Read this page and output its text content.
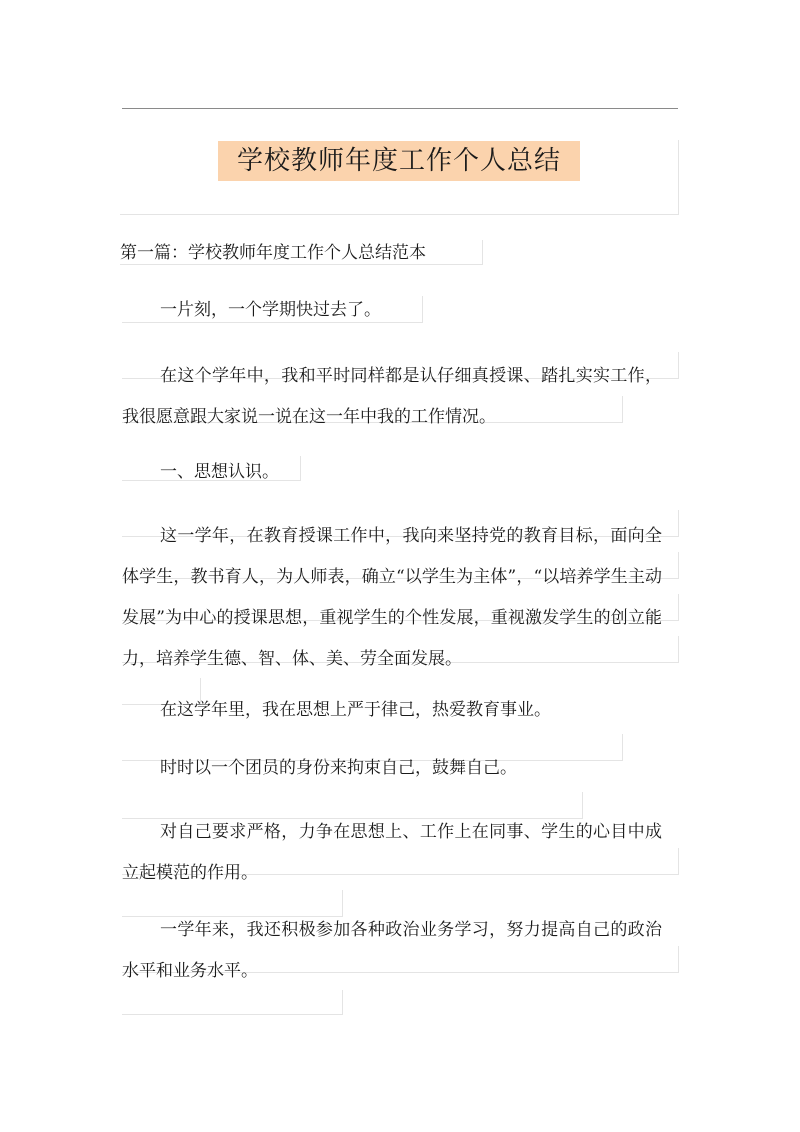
学校教师年度工作个人总结
第一篇：学校教师年度工作个人总结范本

一片刻，一个学期快过去了。

在这个学年中，我和平时同样都是认仔细真授课、踏扎实实工作，我很愿意跟大家说一说在这一年中我的工作情况。

一、思想认识。

这一学年，在教育授课工作中，我向来坚持党的教育目标，面向全体学生，教书育人，为人师表，确立“以学生为主体”，“以培养学生主动发展”为中心的授课思想，重视学生的个性发展，重视激发学生的创立能力，培养学生德、智、体、美、劳全面发展。

在这学年里，我在思想上严于律己，热爱教育事业。

时时以一个团员的身份来拘束自己，鼓舞自己。

对自己要求严格，力争在思想上、工作上在同事、学生的心目中成立起模范的作用。

一学年来，我还积极参加各种政治业务学习，努力提高自己的政治水平和业务水平。
